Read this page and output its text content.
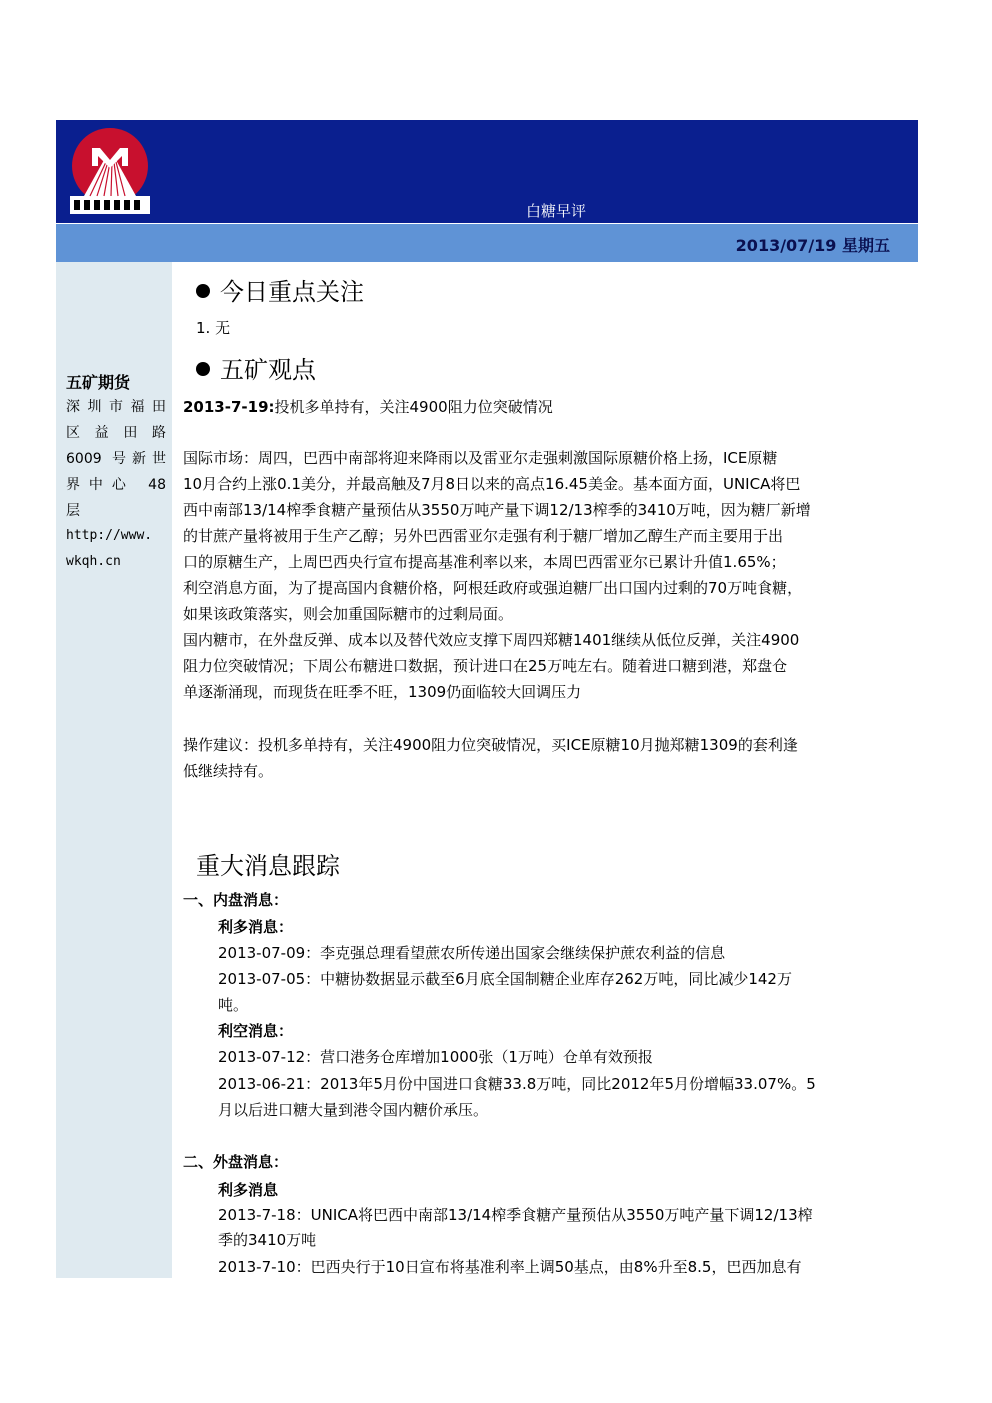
白糖早评
2013/07/19 星期五
五矿期货
深圳市福田
区益田路
6009 号新世
界中心 48
层
http://www.
wkqh.cn
今日重点关注
1. 无
五矿观点
2013-7-19:投机多单持有，关注4900阻力位突破情况
国际市场：周四，巴西中南部将迎来降雨以及雷亚尔走强刺激国际原糖价格上扬，ICE原糖
10月合约上涨0.1美分，并最高触及7月8日以来的高点16.45美金。基本面方面，UNICA将巴
西中南部13/14榨季食糖产量预估从3550万吨产量下调12/13榨季的3410万吨，因为糖厂新增
的甘蔗产量将被用于生产乙醇；另外巴西雷亚尔走强有利于糖厂增加乙醇生产而主要用于出
口的原糖生产，上周巴西央行宣布提高基准利率以来，本周巴西雷亚尔已累计升值1.65%；
利空消息方面，为了提高国内食糖价格，阿根廷政府或强迫糖厂出口国内过剩的70万吨食糖，
如果该政策落实，则会加重国际糖市的过剩局面。
国内糖市，在外盘反弹、成本以及替代效应支撑下周四郑糖1401继续从低位反弹，关注4900
阻力位突破情况；下周公布糖进口数据，预计进口在25万吨左右。随着进口糖到港，郑盘仓
单逐渐涌现，而现货在旺季不旺，1309仍面临较大回调压力
操作建议：投机多单持有，关注4900阻力位突破情况，买ICE原糖10月抛郑糖1309的套利逢
低继续持有。
重大消息跟踪
一、内盘消息：
利多消息：
2013-07-09：李克强总理看望蔗农所传递出国家会继续保护蔗农利益的信息
2013-07-05：中糖协数据显示截至6月底全国制糖企业库存262万吨，同比减少142万
吨。
利空消息：
2013-07-12：营口港务仓库增加1000张（1万吨）仓单有效预报
2013-06-21：2013年5月份中国进口食糖33.8万吨，同比2012年5月份增幅33.07%。5
月以后进口糖大量到港令国内糖价承压。
二、外盘消息：
利多消息
2013-7-18：UNICA将巴西中南部13/14榨季食糖产量预估从3550万吨产量下调12/13榨
季的3410万吨
2013-7-10：巴西央行于10日宣布将基准利率上调50基点，由8%升至8.5，巴西加息有
